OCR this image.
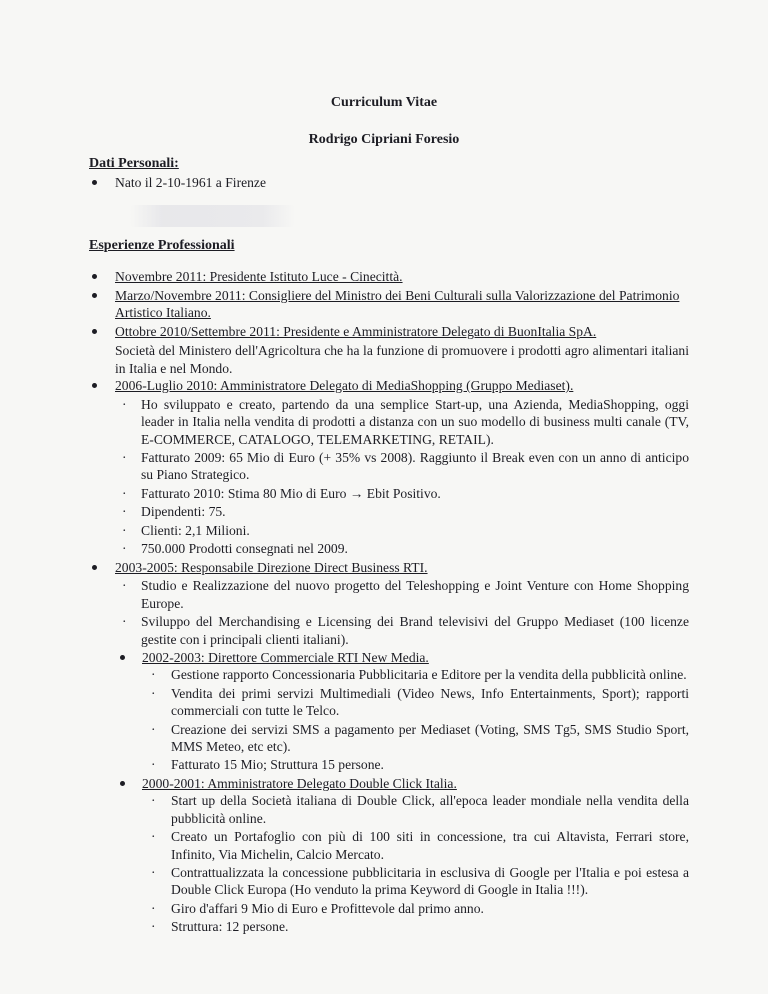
Curriculum Vitae
Rodrigo Cipriani Foresio
Dati Personali:
Nato il 2-10-1961 a Firenze
Esperienze Professionali
Novembre 2011: Presidente Istituto Luce - Cinecittà.
Marzo/Novembre 2011: Consigliere del Ministro dei Beni Culturali sulla Valorizzazione del Patrimonio Artistico Italiano.
Ottobre 2010/Settembre 2011: Presidente e Amministratore Delegato di BuonItalia SpA.
Società del Ministero dell'Agricoltura che ha la funzione di promuovere i prodotti agro alimentari italiani in Italia e nel Mondo.
2006-Luglio 2010: Amministratore Delegato di MediaShopping (Gruppo Mediaset).
· Ho sviluppato e creato, partendo da una semplice Start-up, una Azienda, MediaShopping, oggi leader in Italia nella vendita di prodotti a distanza con un suo modello di business multi canale (TV, E-COMMERCE, CATALOGO, TELEMARKETING, RETAIL).
· Fatturato 2009: 65 Mio di Euro (+ 35% vs 2008). Raggiunto il Break even con un anno di anticipo su Piano Strategico.
· Fatturato 2010: Stima 80 Mio di Euro → Ebit Positivo.
· Dipendenti: 75.
· Clienti: 2,1 Milioni.
· 750.000 Prodotti consegnati nel 2009.
2003-2005: Responsabile Direzione Direct Business RTI.
· Studio e Realizzazione del nuovo progetto del Teleshopping e Joint Venture con Home Shopping Europe.
· Sviluppo del Merchandising e Licensing dei Brand televisivi del Gruppo Mediaset (100 licenze gestite con i principali clienti italiani).
2002-2003: Direttore Commerciale RTI New Media.
· Gestione rapporto Concessionaria Pubblicitaria e Editore per la vendita della pubblicità online.
· Vendita dei primi servizi Multimediali (Video News, Info Entertainments, Sport); rapporti commerciali con tutte le Telco.
· Creazione dei servizi SMS a pagamento per Mediaset (Voting, SMS Tg5, SMS Studio Sport, MMS Meteo, etc etc).
· Fatturato 15 Mio; Struttura 15 persone.
2000-2001: Amministratore Delegato Double Click Italia.
· Start up della Società italiana di Double Click, all'epoca leader mondiale nella vendita della pubblicità online.
· Creato un Portafoglio con più di 100 siti in concessione, tra cui Altavista, Ferrari store, Infinito, Via Michelin, Calcio Mercato.
· Contrattualizzata la concessione pubblicitaria in esclusiva di Google per l'Italia e poi estesa a Double Click Europa (Ho venduto la prima Keyword di Google in Italia !!!).
· Giro d'affari 9 Mio di Euro e Profittevole dal primo anno.
· Struttura: 12 persone.
